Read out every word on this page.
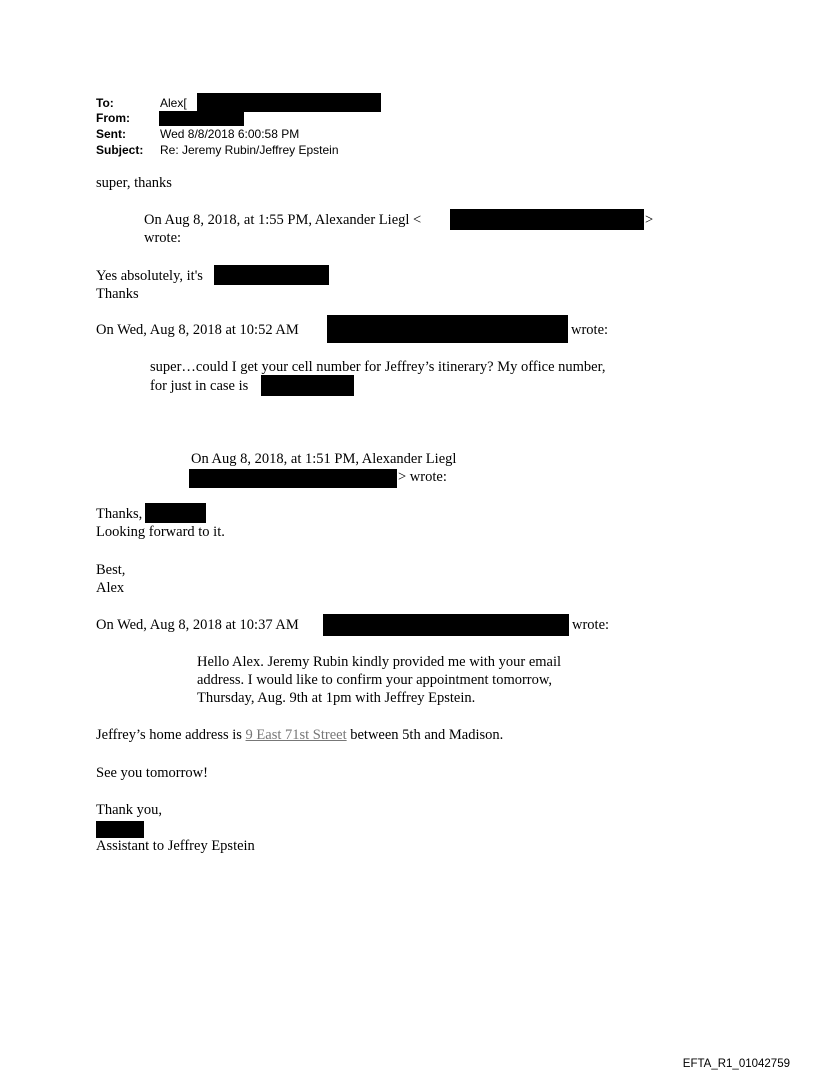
To:	Alex[
From:
Sent:	Wed 8/8/2018 6:00:58 PM
Subject: Re: Jeremy Rubin/Jeffrey Epstein
super, thanks
On Aug 8, 2018, at 1:55 PM, Alexander Liegl <	>
wrote:
Yes absolutely, it's
Thanks
On Wed, Aug 8, 2018 at 10:52 AM	wrote:
super…could I get your cell number for Jeffrey’s itinerary? My office number,
for just in case is
On Aug 8, 2018, at 1:51 PM, Alexander Liegl
> wrote:
Thanks,
Looking forward to it.
Best,
Alex
On Wed, Aug 8, 2018 at 10:37 AM	wrote:
Hello Alex. Jeremy Rubin kindly provided me with your email
address. I would like to confirm your appointment tomorrow,
Thursday, Aug. 9th at 1pm with Jeffrey Epstein.
Jeffrey’s home address is 9 East 71st Street between 5th and Madison.
See you tomorrow!
Thank you,
Assistant to Jeffrey Epstein
EFTA_R1_01042759
